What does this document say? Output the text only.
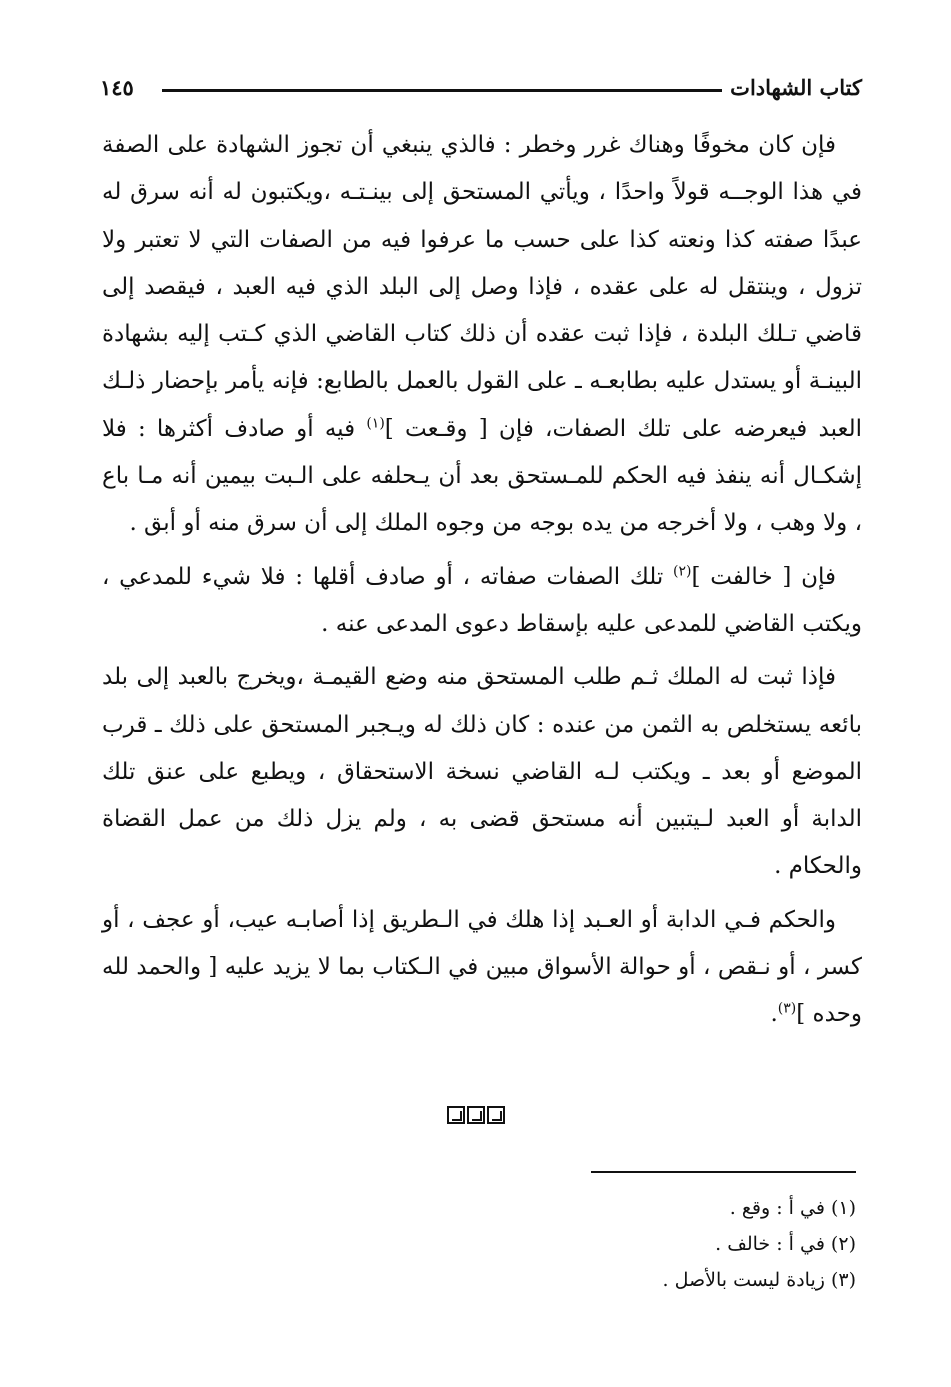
كتاب الشهادات
١٤٥

فإن كان مخوفًا وهناك غرر وخطر : فالذي ينبغي أن تجوز الشهادة على الصفة في هذا الوجــه قولاً واحدًا ، ويأتي المستحق إلى بينـتـه ،ويكتبون له أنه سرق له عبدًا صفته كذا ونعته كذا على حسب ما عرفوا فيه من الصفات التي لا تعتبر ولا تزول ، وينتقل له على عقده ، فإذا وصل إلى البلد الذي فيه العبد ، فيقصد إلى قاضي تـلك البلدة ، فإذا ثبت عقده أن ذلك كتاب القاضي الذي كـتب إليه بشهادة البينـة أو يستدل عليه بطابعـه ـ على القول بالعمل بالطابع: فإنه يأمر بإحضار ذلـك العبد فيعرضه على تلك الصفات، فإن [ وقـعت ]$^{(١)}$ فيه أو صادف أكثرها : فلا إشكـال أنه ينفذ فيه الحكم للمـستحق بعد أن يـحلفه على الـبت بيمين أنه مـا باع ، ولا وهب ، ولا أخرجه من يده بوجه من وجوه الملك إلى أن سرق منه أو أبق .

فإن [ خالفت ]$^{(٢)}$ تلك الصفات صفاته ، أو صادف أقلها : فلا شيء للمدعي ، ويكتب القاضي للمدعى عليه بإسقاط دعوى المدعى عنه .

فإذا ثبت له الملك ثـم طلب المستحق منه وضع القيمـة ،ويخرج بالعبد إلى بلد بائعه يستخلص به الثمن من عنده : كان ذلك له ويـجبر المستحق على ذلك ـ قرب الموضع أو بعد ـ ويكتب لـه القاضي نسخة الاستحقاق ، ويطبع على عنق تلك الدابة أو العبد لـيتبين أنه مستحق قضى به ، ولم يزل ذلك من عمل القضاة والحكام .

والحكم فـي الدابة أو العـبد إذا هلك في الـطريق إذا أصابـه عيب، أو عجف ، أو كسر ، أو نـقص ، أو حوالة الأسواق مبين في الـكتاب بما لا يزيد عليه [ والحمد لله وحده ]$^{(٣)}$.

(١) في أ : وقع .

(٢) في أ : خالف .

(٣) زيادة ليست بالأصل .
